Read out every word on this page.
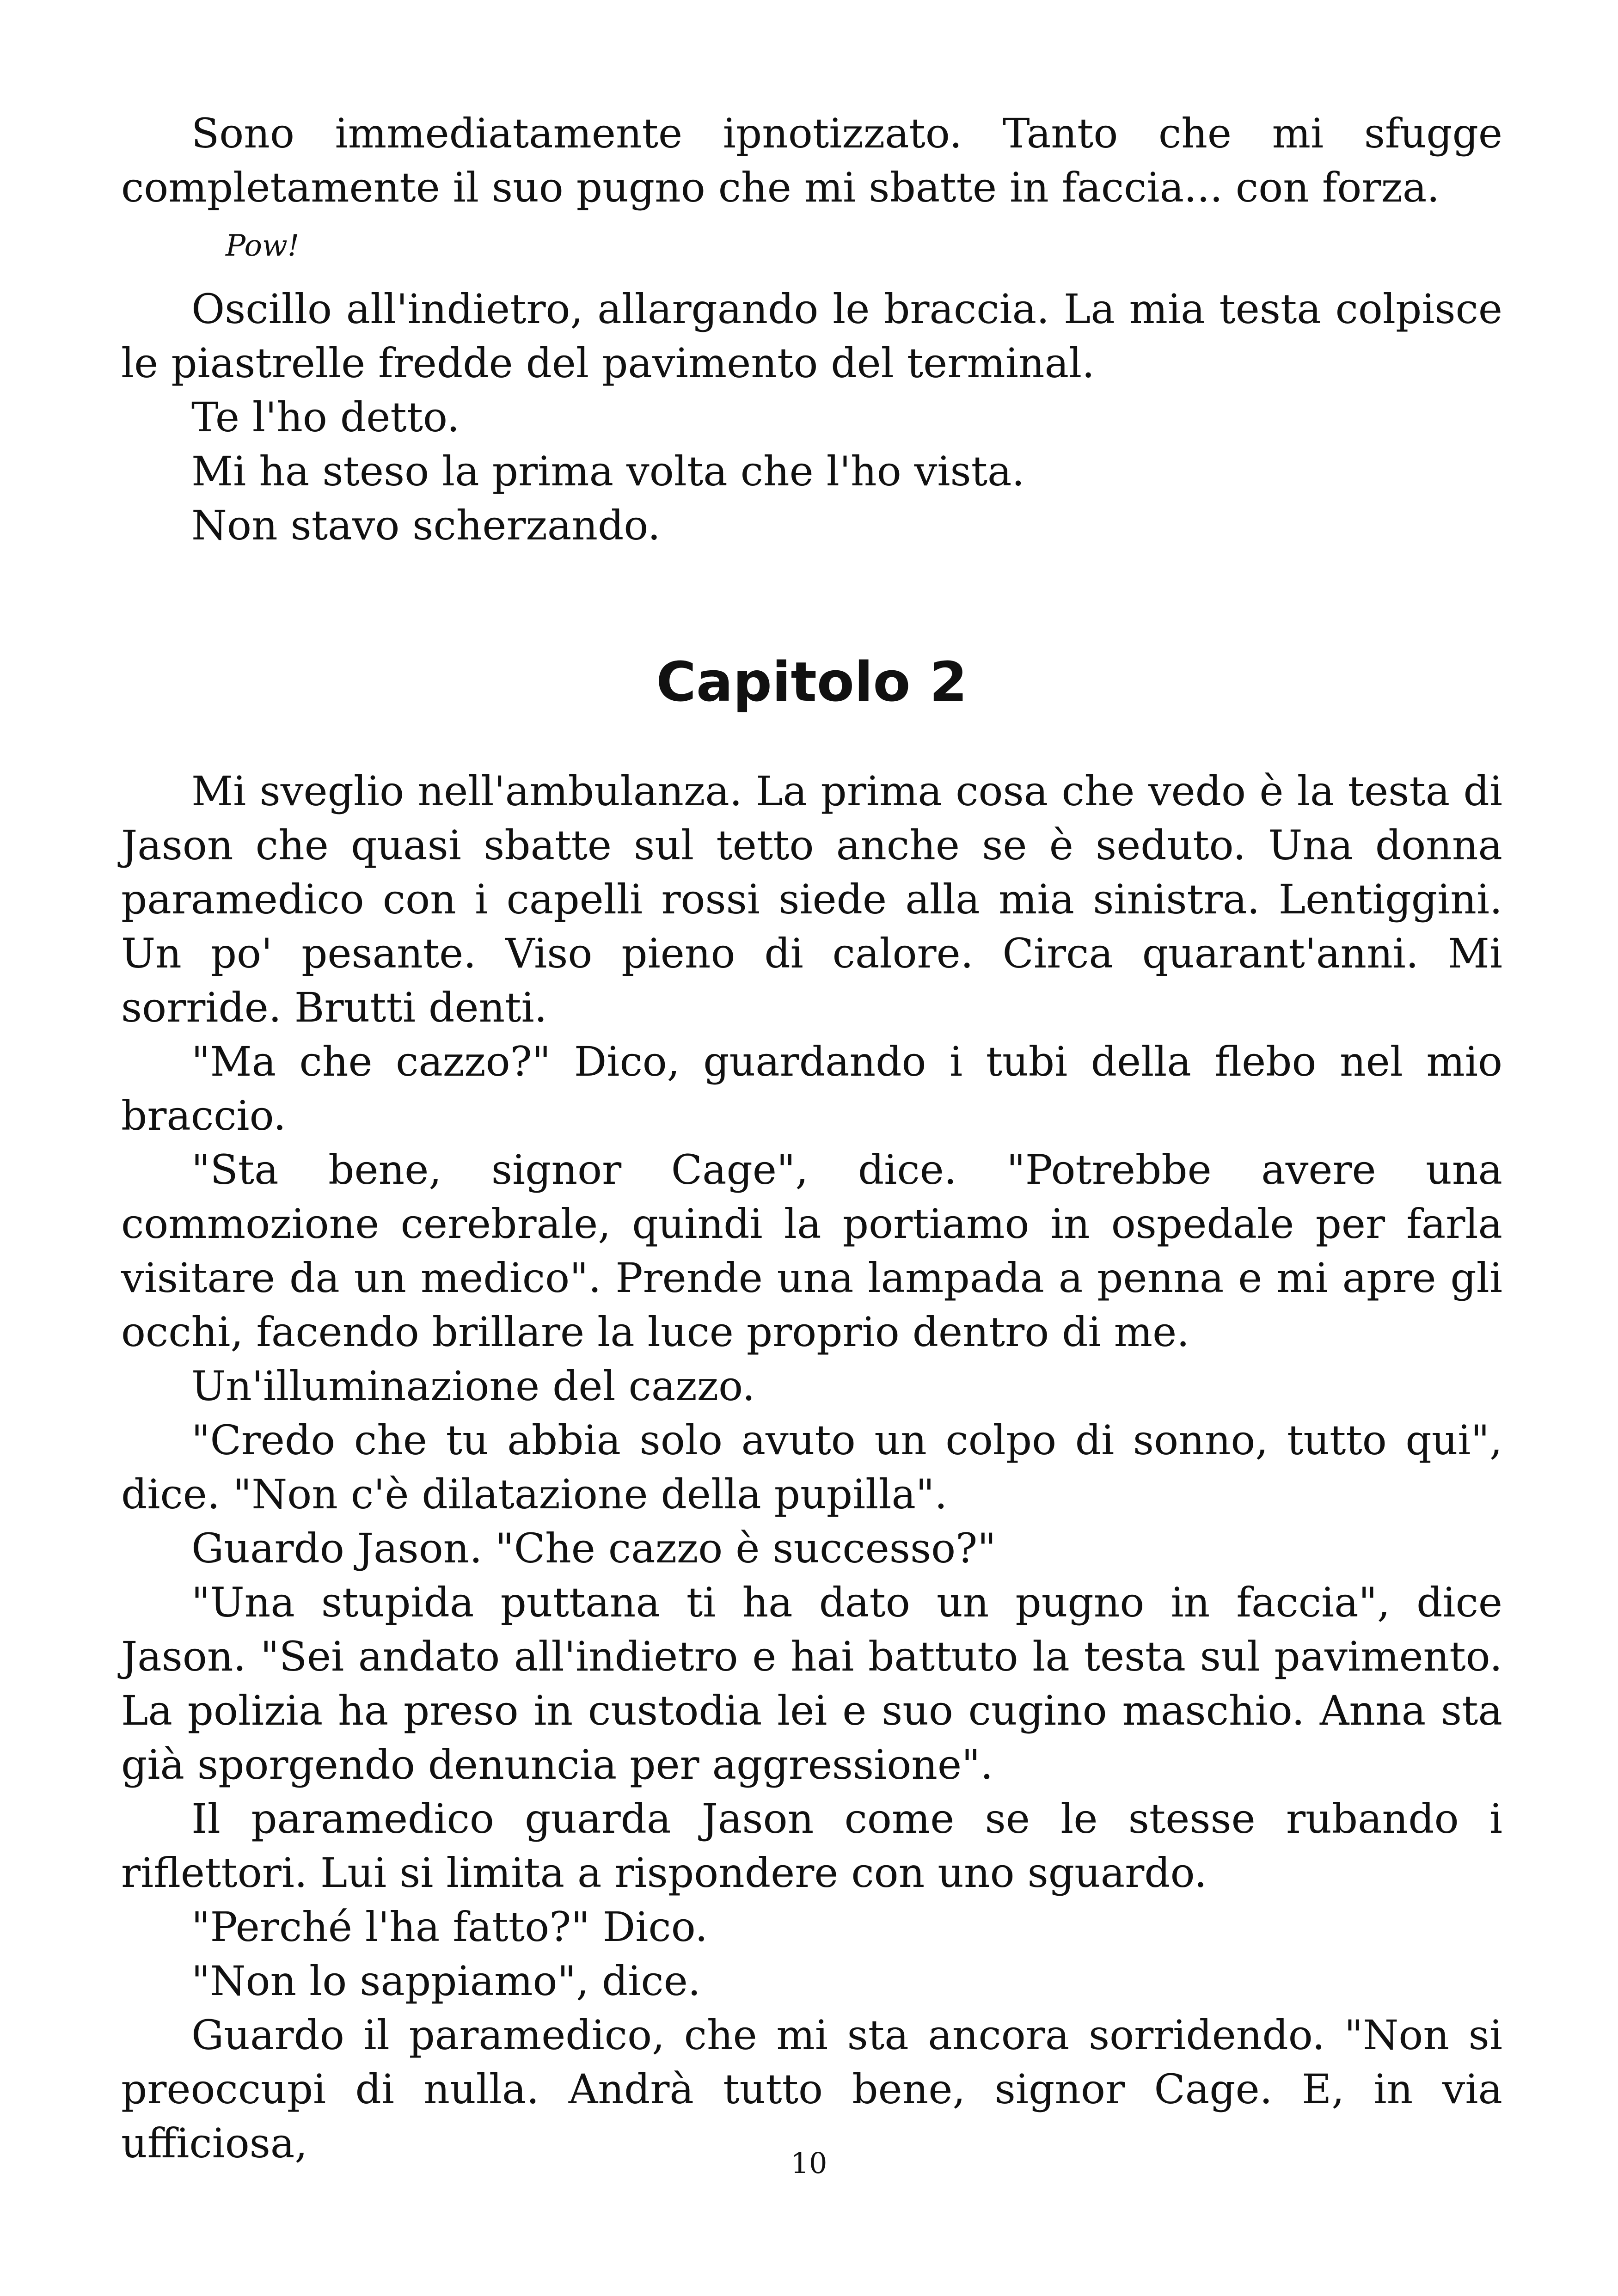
Sono immediatamente ipnotizzato. Tanto che mi sfugge completamente il suo pugno che mi sbatte in faccia... con forza.

Pow!

Oscillo all'indietro, allargando le braccia. La mia testa colpisce le piastrelle fredde del pavimento del terminal.

Te l'ho detto.

Mi ha steso la prima volta che l'ho vista.

Non stavo scherzando.

Capitolo 2

Mi sveglio nell'ambulanza. La prima cosa che vedo è la testa di Jason che quasi sbatte sul tetto anche se è seduto. Una donna paramedico con i capelli rossi siede alla mia sinistra. Lentiggini. Un po' pesante. Viso pieno di calore. Circa quarant'anni. Mi sorride. Brutti denti.

"Ma che cazzo?" Dico, guardando i tubi della flebo nel mio braccio.

"Sta bene, signor Cage", dice. "Potrebbe avere una commozione cerebrale, quindi la portiamo in ospedale per farla visitare da un medico". Prende una lampada a penna e mi apre gli occhi, facendo brillare la luce proprio dentro di me.

Un'illuminazione del cazzo.

"Credo che tu abbia solo avuto un colpo di sonno, tutto qui", dice. "Non c'è dilatazione della pupilla".

Guardo Jason. "Che cazzo è successo?"

"Una stupida puttana ti ha dato un pugno in faccia", dice Jason. "Sei andato all'indietro e hai battuto la testa sul pavimento. La polizia ha preso in custodia lei e suo cugino maschio. Anna sta già sporgendo denuncia per aggressione".

Il paramedico guarda Jason come se le stesse rubando i riflettori. Lui si limita a rispondere con uno sguardo.

"Perché l'ha fatto?" Dico.

"Non lo sappiamo", dice.

Guardo il paramedico, che mi sta ancora sorridendo. "Non si preoccupi di nulla. Andrà tutto bene, signor Cage. E, in via ufficiosa,	10
